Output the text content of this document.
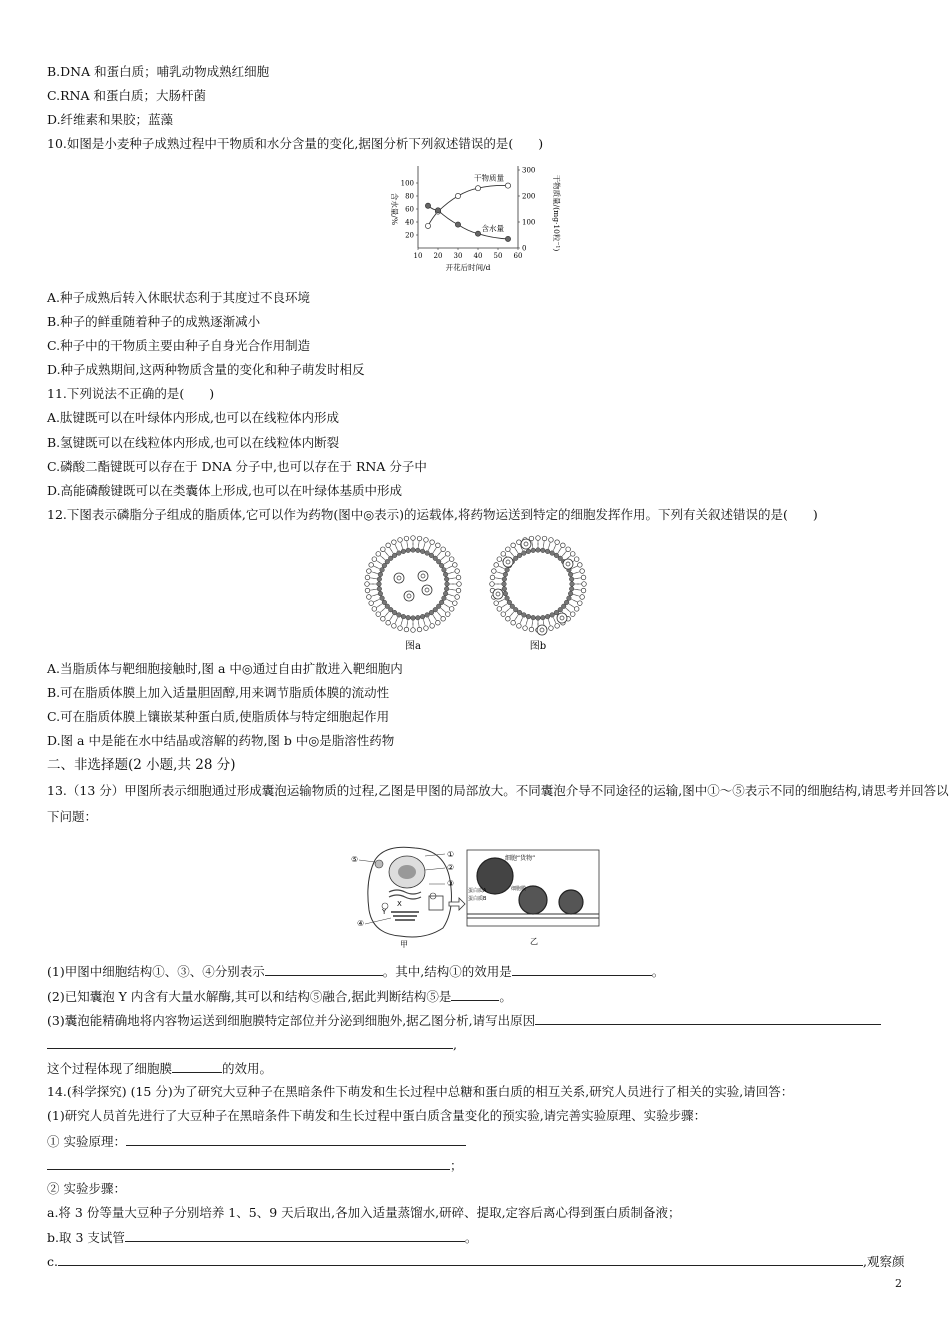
B.DNA 和蛋白质；哺乳动物成熟红细胞
C.RNA 和蛋白质；大肠杆菌
D.纤维素和果胶；蓝藻
10.如图是小麦种子成熟过程中干物质和水分含量的变化,据图分析下列叙述错误的是(　　)
10 20 30 40 50 60
20
40
60
80
100
0
100
200
300
开花后时间/d
含水量/%	干物质量/(mg·10粒⁻¹)
干物质量
含水量
A.种子成熟后转入休眠状态利于其度过不良环境
B.种子的鲜重随着种子的成熟逐渐减小
C.种子中的干物质主要由种子自身光合作用制造
D.种子成熟期间,这两种物质含量的变化和种子萌发时相反
11.下列说法不正确的是(　　)
A.肽键既可以在叶绿体内形成,也可以在线粒体内形成
B.氢键既可以在线粒体内形成,也可以在线粒体内断裂
C.磷酸二酯键既可以存在于 DNA 分子中,也可以存在于 RNA 分子中
D.高能磷酸键既可以在类囊体上形成,也可以在叶绿体基质中形成
12.下图表示磷脂分子组成的脂质体,它可以作为药物(图中◎表示)的运载体,将药物运送到特定的细胞发挥作用。下列有关叙述错误的是(　　)
图a	图b
A.当脂质体与靶细胞接触时,图 a 中◎通过自由扩散进入靶细胞内
B.可在脂质体膜上加入适量胆固醇,用来调节脂质体膜的流动性
C.可在脂质体膜上镶嵌某种蛋白质,使脂质体与特定细胞起作用
D.图 a 中是能在水中结晶或溶解的药物,图 b 中◎是脂溶性药物
二、非选择题(2 小题,共 28 分)
13.（13 分）甲图所表示细胞通过形成囊泡运输物质的过程,乙图是甲图的局部放大。不同囊泡介导不同途径的运输,图中①～⑤表示不同的细胞结构,请思考并回答以
下问题：
Y
X
⑤
①
②
③
④
甲
细胞“货物”
蛋白质A
蛋白质B
细胞膜
乙
(1)甲图中细胞结构①、③、④分别表示	。其中,结构①的效用是	。
(2)已知囊泡 Y 内含有大量水解酶,其可以和结构⑤融合,据此判断结构⑤是	。
(3)囊泡能精确地将内容物运送到细胞膜特定部位并分泌到细胞外,据乙图分析,请写出原因
,
这个过程体现了细胞膜	的效用。
14.(科学探究) (15 分)为了研究大豆种子在黑暗条件下萌发和生长过程中总糖和蛋白质的相互关系,研究人员进行了相关的实验,请回答：
(1)研究人员首先进行了大豆种子在黑暗条件下萌发和生长过程中蛋白质含量变化的预实验,请完善实验原理、实验步骤：
① 实验原理：
；
② 实验步骤：
a.将 3 份等量大豆种子分别培养 1、5、9 天后取出,各加入适量蒸馏水,研碎、提取,定容后离心得到蛋白质制备液；
b.取 3 支试管	。
c.	,观察颜
2
